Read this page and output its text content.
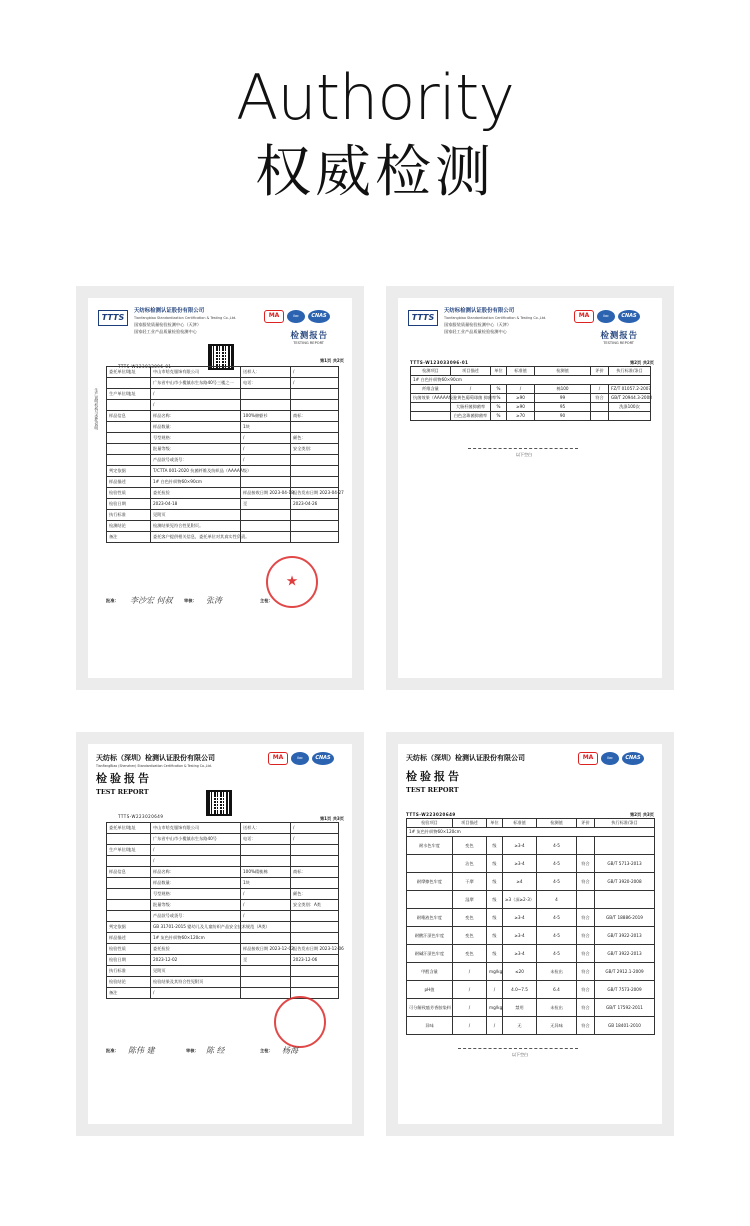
Authority
权威检测
TTTS
天纺标检测认证股份有限公司
Tianfangbiao Standardization Certification & Testing Co.,Ltd.
国家服装质量检验检测中心（天津）
国家轻工业产品质量检验检测中心
MA	ilac	CNAS
检测报告
TESTING REPORT
TTTS-W123033096-01
第1页 共2页
生产说明机构与委托说明
委托单位/地址	中山市哈克服饰有限公司	送样人：	/
	广东省中山市小榄镇东生东路40号三楼之一	电话：	/
生产单位/地址	/		
	/		
样品信息	样品名称：	100%棉躯衫	商标：
	样品数量：	1块	
	号型规格：	/	颜色：
	批量等级：	/	安全类别：
	产品款号或货号：	/	
判定依据	T/CTTA 001-2020 抗菌纤维及纺织品（AAAAA级）		
样品描述	1# 白色针织物60×90cm		
检验性质	委托检验	样品接收日期 2023-04-18	报告发布日期 2023-04-27
检验日期	2023-04-18	至	2023-04-26
执行标准	见附页		
检测结论	检测结果见符合性见附页。		
备注	委托客户提供相关信息，委托单位对其真实性负责。		
★
批准： 李沙宏 何叔	审核： 张涛	主检：
TTTS
天纺标检测认证股份有限公司
Tianfangbiao Standardization Certification & Testing Co.,Ltd.
国家服装质量检验检测中心（天津）
国家轻工业产品质量检验检测中心
MA	ilac	CNAS
检测报告
TESTING REPORT
TTTS-W123033096-01	第2页 共2页
检测项目	项目描述	单位	标准值	检测值	评价	执行标准/条目
1# 白色针织物60×90cm						
纤维含量	/	%	/	棉100	/	FZ/T 01057.2-2007
抗菌效果（AAAAA级）	金黄色葡萄球菌 抑菌率	%	≥90	99	符合	GB/T 20944.3-2008
	大肠杆菌抑菌率	%	≥90	95		洗涤100次
	白色念珠菌抑菌率	%	≥70	90		
以下空白
天纺标（深圳）检测认证股份有限公司
TianFangBiao (Shenzhen) Standardization Certification & Testing Co.,Ltd.
MA	ilac	CNAS
检验报告
TEST REPORT
TTTS-W223020649	第1页 共3页
委托单位/地址	中山市哈克服饰有限公司	送样人：	/
	广东省中山市小榄镇东生东路40号	电话：	/
生产单位/地址	/		
	/		
样品信息	样品名称：	100%精梳棉	商标：
	样品数量：	1块	
	号型规格：	/	颜色：
	批量等级：	/	安全类别：A类
	产品款号或货号：	/	
判定依据	GB 31701-2015 婴幼儿及儿童纺织产品安全技术规范（A类）		
样品描述	1# 灰色针织物60×120cm		
检验性质	委托检验	样品接收日期 2023-12-02	报告发布日期 2023-12-06
检验日期	2023-12-02	至	2023-12-06
执行标准	见附页		
检验结论	检验结果及其符合性见附页		
备注	/		
批准： 陈伟 建	审核： 陈 经	主检： 杨海
天纺标（深圳）检测认证股份有限公司	MA	ilac	CNAS
检验报告
TEST REPORT
TTTS-W223020649	第2页 共3页
检验项目	项目描述	单位	标准值	检测值	评价	执行标准/条目
1# 灰色针织物60×120cm						
耐水色牢度	变色	级	≥3-4	4-5		
	沾色	级	≥3-4	4-5	符合	GB/T 5713-2013
耐摩擦色牢度	干摩	级	≥4	4-5	符合	GB/T 3920-2008
	湿摩	级	≥3（深≥2-3）	4		
耐唾液色牢度	变色	级	≥3-4	4-5	符合	GB/T 18886-2019
耐酸汗渍色牢度	变色	级	≥3-4	4-5	符合	GB/T 3922-2013
耐碱汗渍色牢度	变色	级	≥3-4	4-5	符合	GB/T 3922-2013
甲醛含量	/	mg/kg	≤20	未检出	符合	GB/T 2912.1-2009
pH值	/	/	4.0~7.5	6.4	符合	GB/T 7573-2009
可分解致癌芳香胺染料	/	mg/kg	禁用	未检出	符合	GB/T 17592-2011
异味	/	/	无	无异味	符合	GB 18401-2010
以下空白
